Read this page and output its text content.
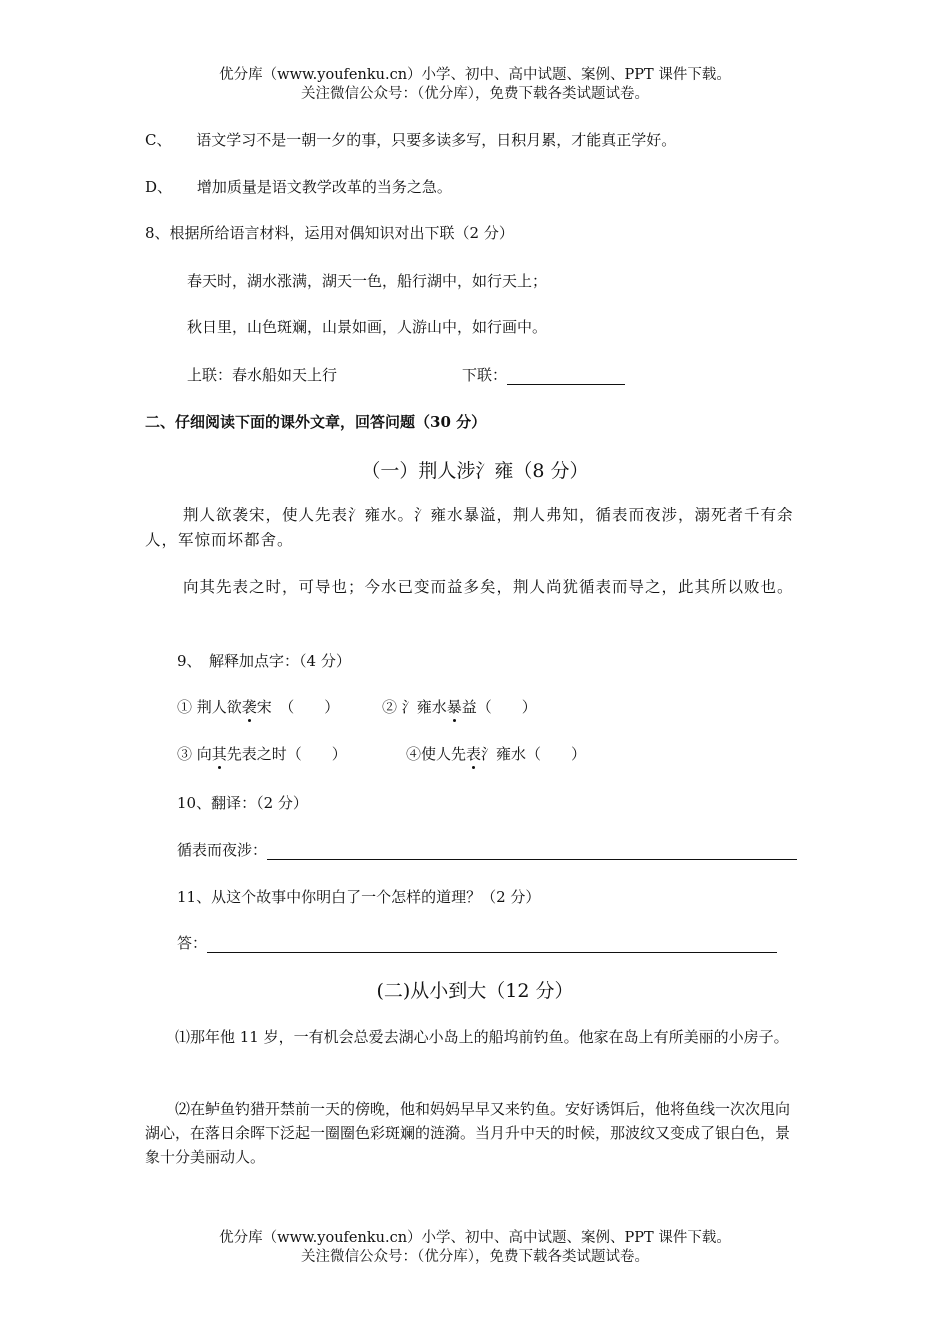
优分库（www.youfenku.cn）小学、初中、高中试题、案例、PPT 课件下载。
关注微信公众号：（优分库），免费下载各类试题试卷。
C、 语文学习不是一朝一夕的事，只要多读多写，日积月累，才能真正学好。
D、 增加质量是语文教学改革的当务之急。
8、根据所给语言材料，运用对偶知识对出下联（2 分）
春天时，湖水涨满，湖天一色，船行湖中，如行天上；
秋日里，山色斑斓，山景如画，人游山中，如行画中。
上联：春水船如天上行	下联：
二、仔细阅读下面的课外文章，回答问题（30 分）
（一）荆人涉氵雍（8 分）
荆人欲袭宋，使人先表氵雍水。氵雍水暴溢，荆人弗知，循表而夜涉，溺死者千有余人，军惊而坏都舍。
向其先表之时，可导也；今水已变而益多矣，荆人尚犹循表而导之，此其所以败也。
9、　解释加点字：（4 分）
① 荆人欲袭宋　（　　）	② 氵雍水暴益（　　）
③ 向其先表之时（　　）	④使人先表氵雍水（　　）
10、翻译：（2 分）
循表而夜涉：
11、从这个故事中你明白了一个怎样的道理？（2 分）
答：
(二)从小到大（12 分）
⑴那年他 11 岁，一有机会总爱去湖心小岛上的船坞前钓鱼。他家在岛上有所美丽的小房子。
⑵在鲈鱼钓猎开禁前一天的傍晚，他和妈妈早早又来钓鱼。安好诱饵后，他将鱼线一次次甩向湖心，在落日余晖下泛起一圈圈色彩斑斓的涟漪。当月升中天的时候，那波纹又变成了银白色，景象十分美丽动人。
优分库（www.youfenku.cn）小学、初中、高中试题、案例、PPT 课件下载。
关注微信公众号：（优分库），免费下载各类试题试卷。
